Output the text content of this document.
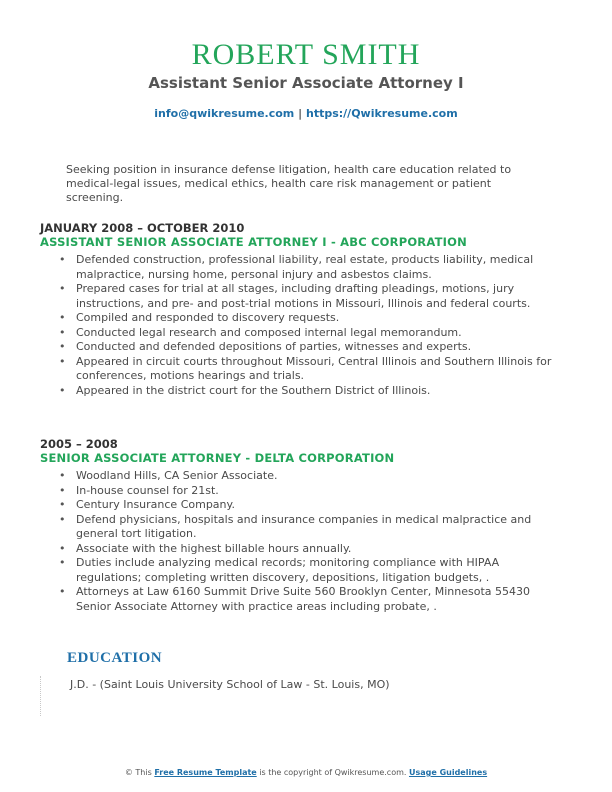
ROBERT SMITH
Assistant Senior Associate Attorney I
info@qwikresume.com | https://Qwikresume.com
Seeking position in insurance defense litigation, health care education related to medical-legal issues, medical ethics, health care risk management or patient screening.
JANUARY 2008 – OCTOBER 2010
ASSISTANT SENIOR ASSOCIATE ATTORNEY I - ABC CORPORATION
• Defended construction, professional liability, real estate, products liability, medical malpractice, nursing home, personal injury and asbestos claims.
• Prepared cases for trial at all stages, including drafting pleadings, motions, jury instructions, and pre- and post-trial motions in Missouri, Illinois and federal courts.
• Compiled and responded to discovery requests.
• Conducted legal research and composed internal legal memorandum.
• Conducted and defended depositions of parties, witnesses and experts.
• Appeared in circuit courts throughout Missouri, Central Illinois and Southern Illinois for conferences, motions hearings and trials.
• Appeared in the district court for the Southern District of Illinois.
2005 – 2008
SENIOR ASSOCIATE ATTORNEY - DELTA CORPORATION
• Woodland Hills, CA Senior Associate.
• In-house counsel for 21st.
• Century Insurance Company.
• Defend physicians, hospitals and insurance companies in medical malpractice and general tort litigation.
• Associate with the highest billable hours annually.
• Duties include analyzing medical records; monitoring compliance with HIPAA regulations; completing written discovery, depositions, litigation budgets, .
• Attorneys at Law 6160 Summit Drive Suite 560 Brooklyn Center, Minnesota 55430 Senior Associate Attorney with practice areas including probate, .
EDUCATION
J.D. - (Saint Louis University School of Law - St. Louis, MO)
© This Free Resume Template is the copyright of Qwikresume.com. Usage Guidelines
